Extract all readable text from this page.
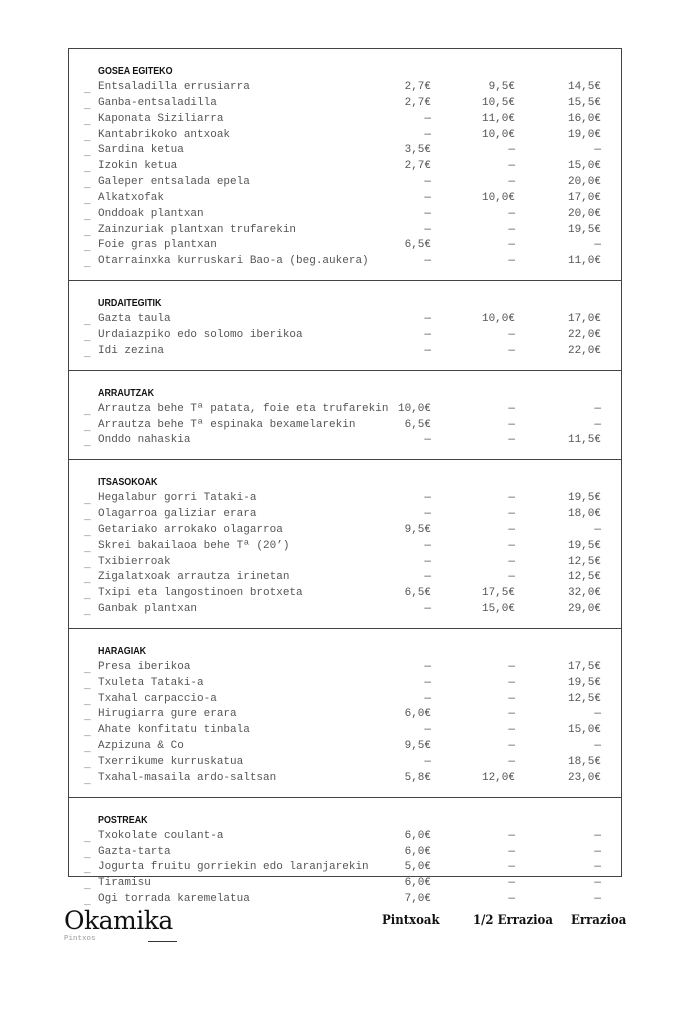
GOSEA EGITEKO
_ Entsaladilla errusiarra	2,7€	9,5€	14,5€
_ Ganba-entsaladilla	2,7€	10,5€	15,5€
_ Kaponata Siziliarra	—	11,0€	16,0€
_ Kantabrikoko antxoak	—	10,0€	19,0€
_ Sardina ketua	3,5€	—	—
_ Izokin ketua	2,7€	—	15,0€
_ Galeper entsalada epela	—	—	20,0€
_ Alkatxofak	—	10,0€	17,0€
_ Onddoak plantxan	—	—	20,0€
_ Zainzuriak plantxan trufarekin	—	—	19,5€
_ Foie gras plantxan	6,5€	—	—
_ Otarrainxka kurruskari Bao-a (beg.aukera)	—	—	11,0€
URDAITEGITIK
_ Gazta taula	—	10,0€	17,0€
_ Urdaiazpiko edo solomo iberikoa	—	—	22,0€
_ Idi zezina	—	—	22,0€
ARRAUTZAK
_ Arrautza behe Tª patata, foie eta trufarekin 10,0€	—	—
_ Arrautza behe Tª espinaka bexamelarekin	6,5€	—	—
_ Onddo nahaskia	—	—	11,5€
ITSASOKOAK
_ Hegalabur gorri Tataki-a	—	—	19,5€
_ Olagarroa galiziar erara	—	—	18,0€
_ Getariako arrokako olagarroa	9,5€	—	—
_ Skrei bakailaoa behe Tª (20’)	—	—	19,5€
_ Txibierroak	—	—	12,5€
_ Zigalatxoak arrautza irinetan	—	—	12,5€
_ Txipi eta langostinoen brotxeta	6,5€	17,5€	32,0€
_ Ganbak plantxan	—	15,0€	29,0€
HARAGIAK
_ Presa iberikoa	—	—	17,5€
_ Txuleta Tataki-a	—	—	19,5€
_ Txahal carpaccio-a	—	—	12,5€
_ Hirugiarra gure erara	6,0€	—	—
_ Ahate konfitatu tinbala	—	—	15,0€
_ Azpizuna & Co	9,5€	—	—
_ Txerrikume kurruskatua	—	—	18,5€
_ Txahal-masaila ardo-saltsan	5,8€	12,0€	23,0€
POSTREAK
_ Txokolate coulant-a	6,0€	—	—
_ Gazta-tarta	6,0€	—	—
_ Jogurta fruitu gorriekin edo laranjarekin	5,0€	—	—
_ Tiramisu	6,0€	—	—
_ Ogi torrada karemelatua	7,0€	—	—
Okamika
Pintxos
Pintxoak	1/2 Errazioa Errazioa
